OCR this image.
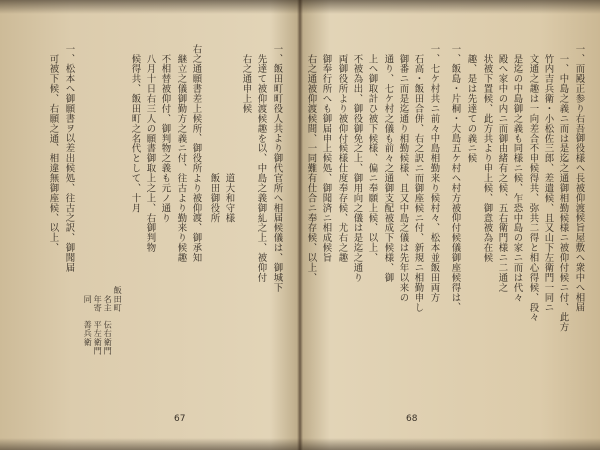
一、而殿正参り右吾御役様ヘ長被仰渡候旨屋敷ヘ衆中へ相届
一、中島之義ニ而は是迄之通御相勤候様ニ被仰付候ニ付、此方
竹内吉兵衛・小松佐三郎、差遣候、且又山下左衛門一同ニ
文通之趣は一向差合不申候得共、弥共二得と相心得候、段々
是迄の中島御之義も同様ニ候、乍恐中島の家ニ而は代々
殿へ家中の内ニ而御由緒有之候、五右衛門様ニ二通之
状被下置候、此方共より申上候、御意被為在候
趣、是は先達ての義ニ候
一、飯島・片桐・大島五ケ村ヘ村方被仰付候儀御座候得は、
一、七ケ村共ニ前々中島相勤来り候村々、松本並飯田両方
石高・飯田合併、右之訳ニ而御座候ニ付、新規ニ相勤申し
御番ニ而是迄通り相勤候様、且又中島之儀は先年以来の
通り、七ケ村之儀も前々之通御支配被成下候様、御
上ヘ御取計ひ被下候様、偏ニ奉願上候、以上、
不被為出、御役御免之上、御用向之儀は是迄之通り
両御役所より被仰付候様仕度奉存候、尤右之趣
御奉行所へも御届申上候処、御聞済ニ相成候旨
右之通被仰渡候間、一同難有仕合ニ奉存候、以上、
68
一、飯田町町役人共より御代官所へ相届候儀は、御城下
先達て被仰渡候趣を以、中島之義御糺之上、被仰付
右之通申上候
　　　　　　　　　　　　道大和守様
　　　　　　　　　　　　飯田御役所
右之通願書差上候所、御役所より被仰渡、御承知
継立之儀御勤方之義ニ付、往古より勤来り候趣
不相替被仰付、御判物之義も元ノ通り
八月十日右三人の願書御取上之上、右御判物
候得共、飯田町之名代として、十月
飯田町
　名主　伝右衛門
　年寄　平左衛門
　同　　善兵衛
一、松本ヘ御願書ヲ以差出候処、往古之訳、御聞届
可被下候、右願之通、相違無御座候、以上、
67
